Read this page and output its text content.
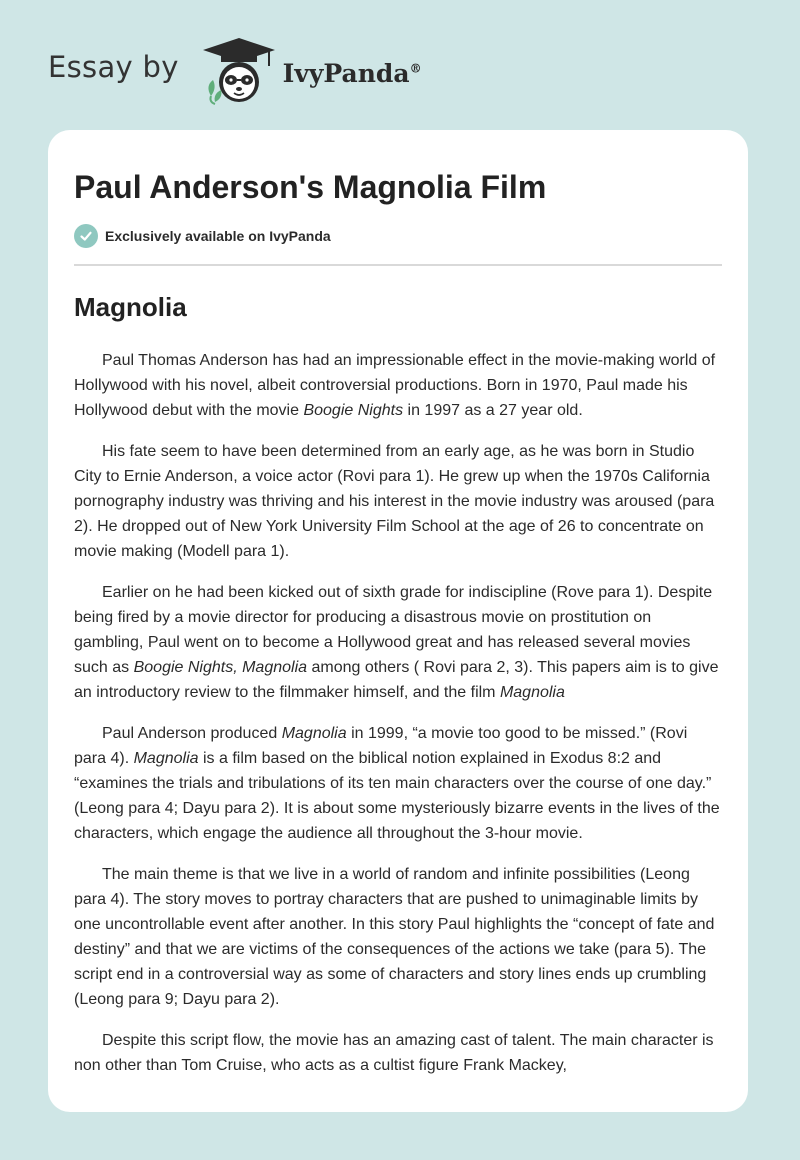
Essay by	IvyPanda®
Paul Anderson's Magnolia Film
Exclusively available on IvyPanda
Magnolia

Paul Thomas Anderson has had an impressionable effect in the movie-making world of Hollywood with his novel, albeit controversial productions. Born in 1970, Paul made his Hollywood debut with the movie Boogie Nights in 1997 as a 27 year old.

His fate seem to have been determined from an early age, as he was born in Studio City to Ernie Anderson, a voice actor (Rovi para 1). He grew up when the 1970s California pornography industry was thriving and his interest in the movie industry was aroused (para 2). He dropped out of New York University Film School at the age of 26 to concentrate on movie making (Modell para 1).

Earlier on he had been kicked out of sixth grade for indiscipline (Rove para 1). Despite being fired by a movie director for producing a disastrous movie on prostitution on gambling, Paul went on to become a Hollywood great and has released several movies such as Boogie Nights, Magnolia among others ( Rovi para 2, 3). This papers aim is to give an introductory review to the filmmaker himself, and the film Magnolia

Paul Anderson produced Magnolia in 1999, “a movie too good to be missed.” (Rovi para 4). Magnolia is a film based on the biblical notion explained in Exodus 8:2 and “examines the trials and tribulations of its ten main characters over the course of one day.” (Leong para 4; Dayu para 2). It is about some mysteriously bizarre events in the lives of the characters, which engage the audience all throughout the 3-hour movie.

The main theme is that we live in a world of random and infinite possibilities (Leong para 4). The story moves to portray characters that are pushed to unimaginable limits by one uncontrollable event after another. In this story Paul highlights the “concept of fate and destiny” and that we are victims of the consequences of the actions we take (para 5). The script end in a controversial way as some of characters and story lines ends up crumbling (Leong para 9; Dayu para 2).

Despite this script flow, the movie has an amazing cast of talent. The main character is non other than Tom Cruise, who acts as a cultist figure Frank Mackey,
